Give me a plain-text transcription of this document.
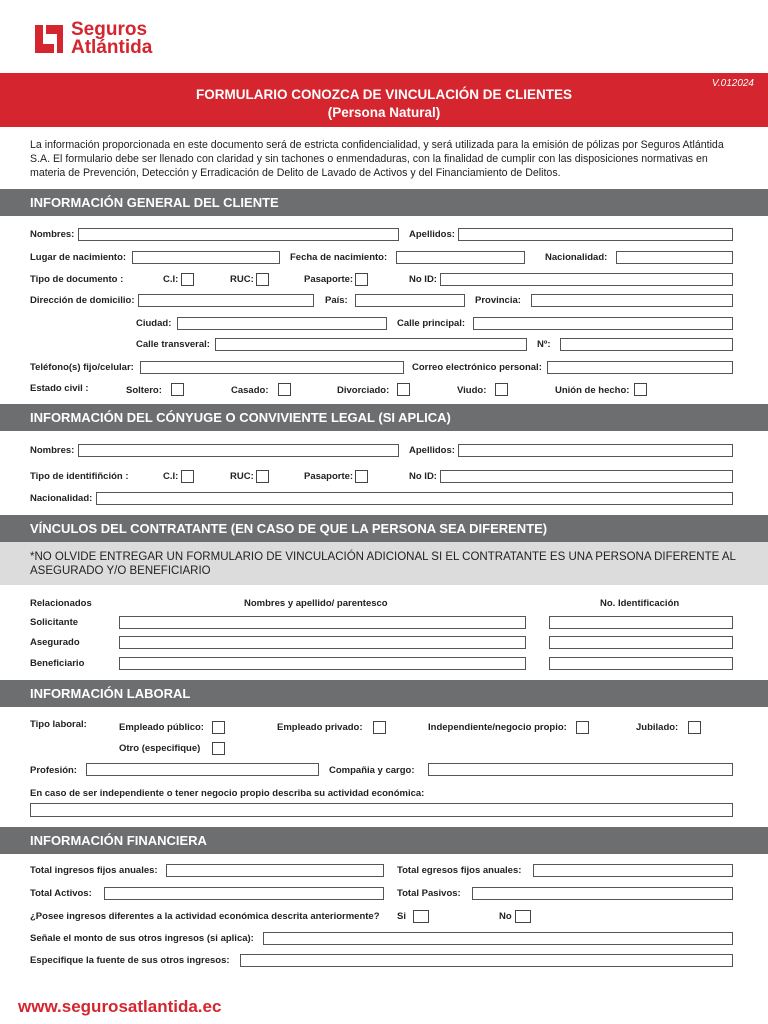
Seguros
Atlántida
V.012024
FORMULARIO CONOZCA DE VINCULACIÓN DE CLIENTES
(Persona Natural)
La información proporcionada en este documento será de estricta confidencialidad, y será utilizada para la emisión de pólizas por Seguros Atlántida S.A. El formulario debe ser llenado con claridad y sin tachones o enmendaduras, con la finalidad de cumplir con las disposiciones normativas en materia de Prevención, Detección y Erradicación de Delito de Lavado de Activos y del Financiamiento de Delitos.
INFORMACIÓN GENERAL DEL CLIENTE
Nombres:	Apellidos:
Lugar de nacimiento:	Fecha de nacimiento:	Nacionalidad:
Tipo de documento :	C.I:	RUC:	Pasaporte:	No ID:
Dirección de domicilio:	País:	Provincia:
Ciudad:	Calle principal:
Calle transveral:	Nº:
Teléfono(s) fijo/celular:	Correo electrónico personal:
Estado civil :	Soltero:	Casado:	Divorciado:	Viudo:	Unión de hecho:
INFORMACIÓN DEL CÓNYUGE O CONVIVIENTE LEGAL (SI APLICA)
Nombres:	Apellidos:
Tipo de identifiñción :	C.I:	RUC:	Pasaporte:	No ID:
Nacionalidad:
VÍNCULOS DEL CONTRATANTE (EN CASO DE QUE LA PERSONA SEA DIFERENTE)
*NO OLVIDE ENTREGAR UN FORMULARIO DE VINCULACIÓN ADICIONAL SI EL CONTRATANTE ES UNA PERSONA DIFERENTE AL ASEGURADO Y/O BENEFICIARIO
Relacionados	Nombres y apellido/ parentesco	No. Identificación
Solicitante
Asegurado
Beneficiario
INFORMACIÓN LABORAL
Tipo laboral:	Empleado público:	Empleado privado:	Independiente/negocio propio:	Jubilado:
Otro (especifique)
Profesión:	Compañia y cargo:
En caso de ser independiente o tener negocio propio describa su actividad económica:
INFORMACIÓN FINANCIERA
Total ingresos fijos anuales:	Total egresos fijos anuales:
Total Activos:	Total Pasivos:
¿Posee ingresos diferentes a la actividad económica descrita anteriormente? Si	No
Señale el monto de sus otros ingresos (si aplica):
Especifique la fuente de sus otros ingresos:
www.segurosatlantida.ec
